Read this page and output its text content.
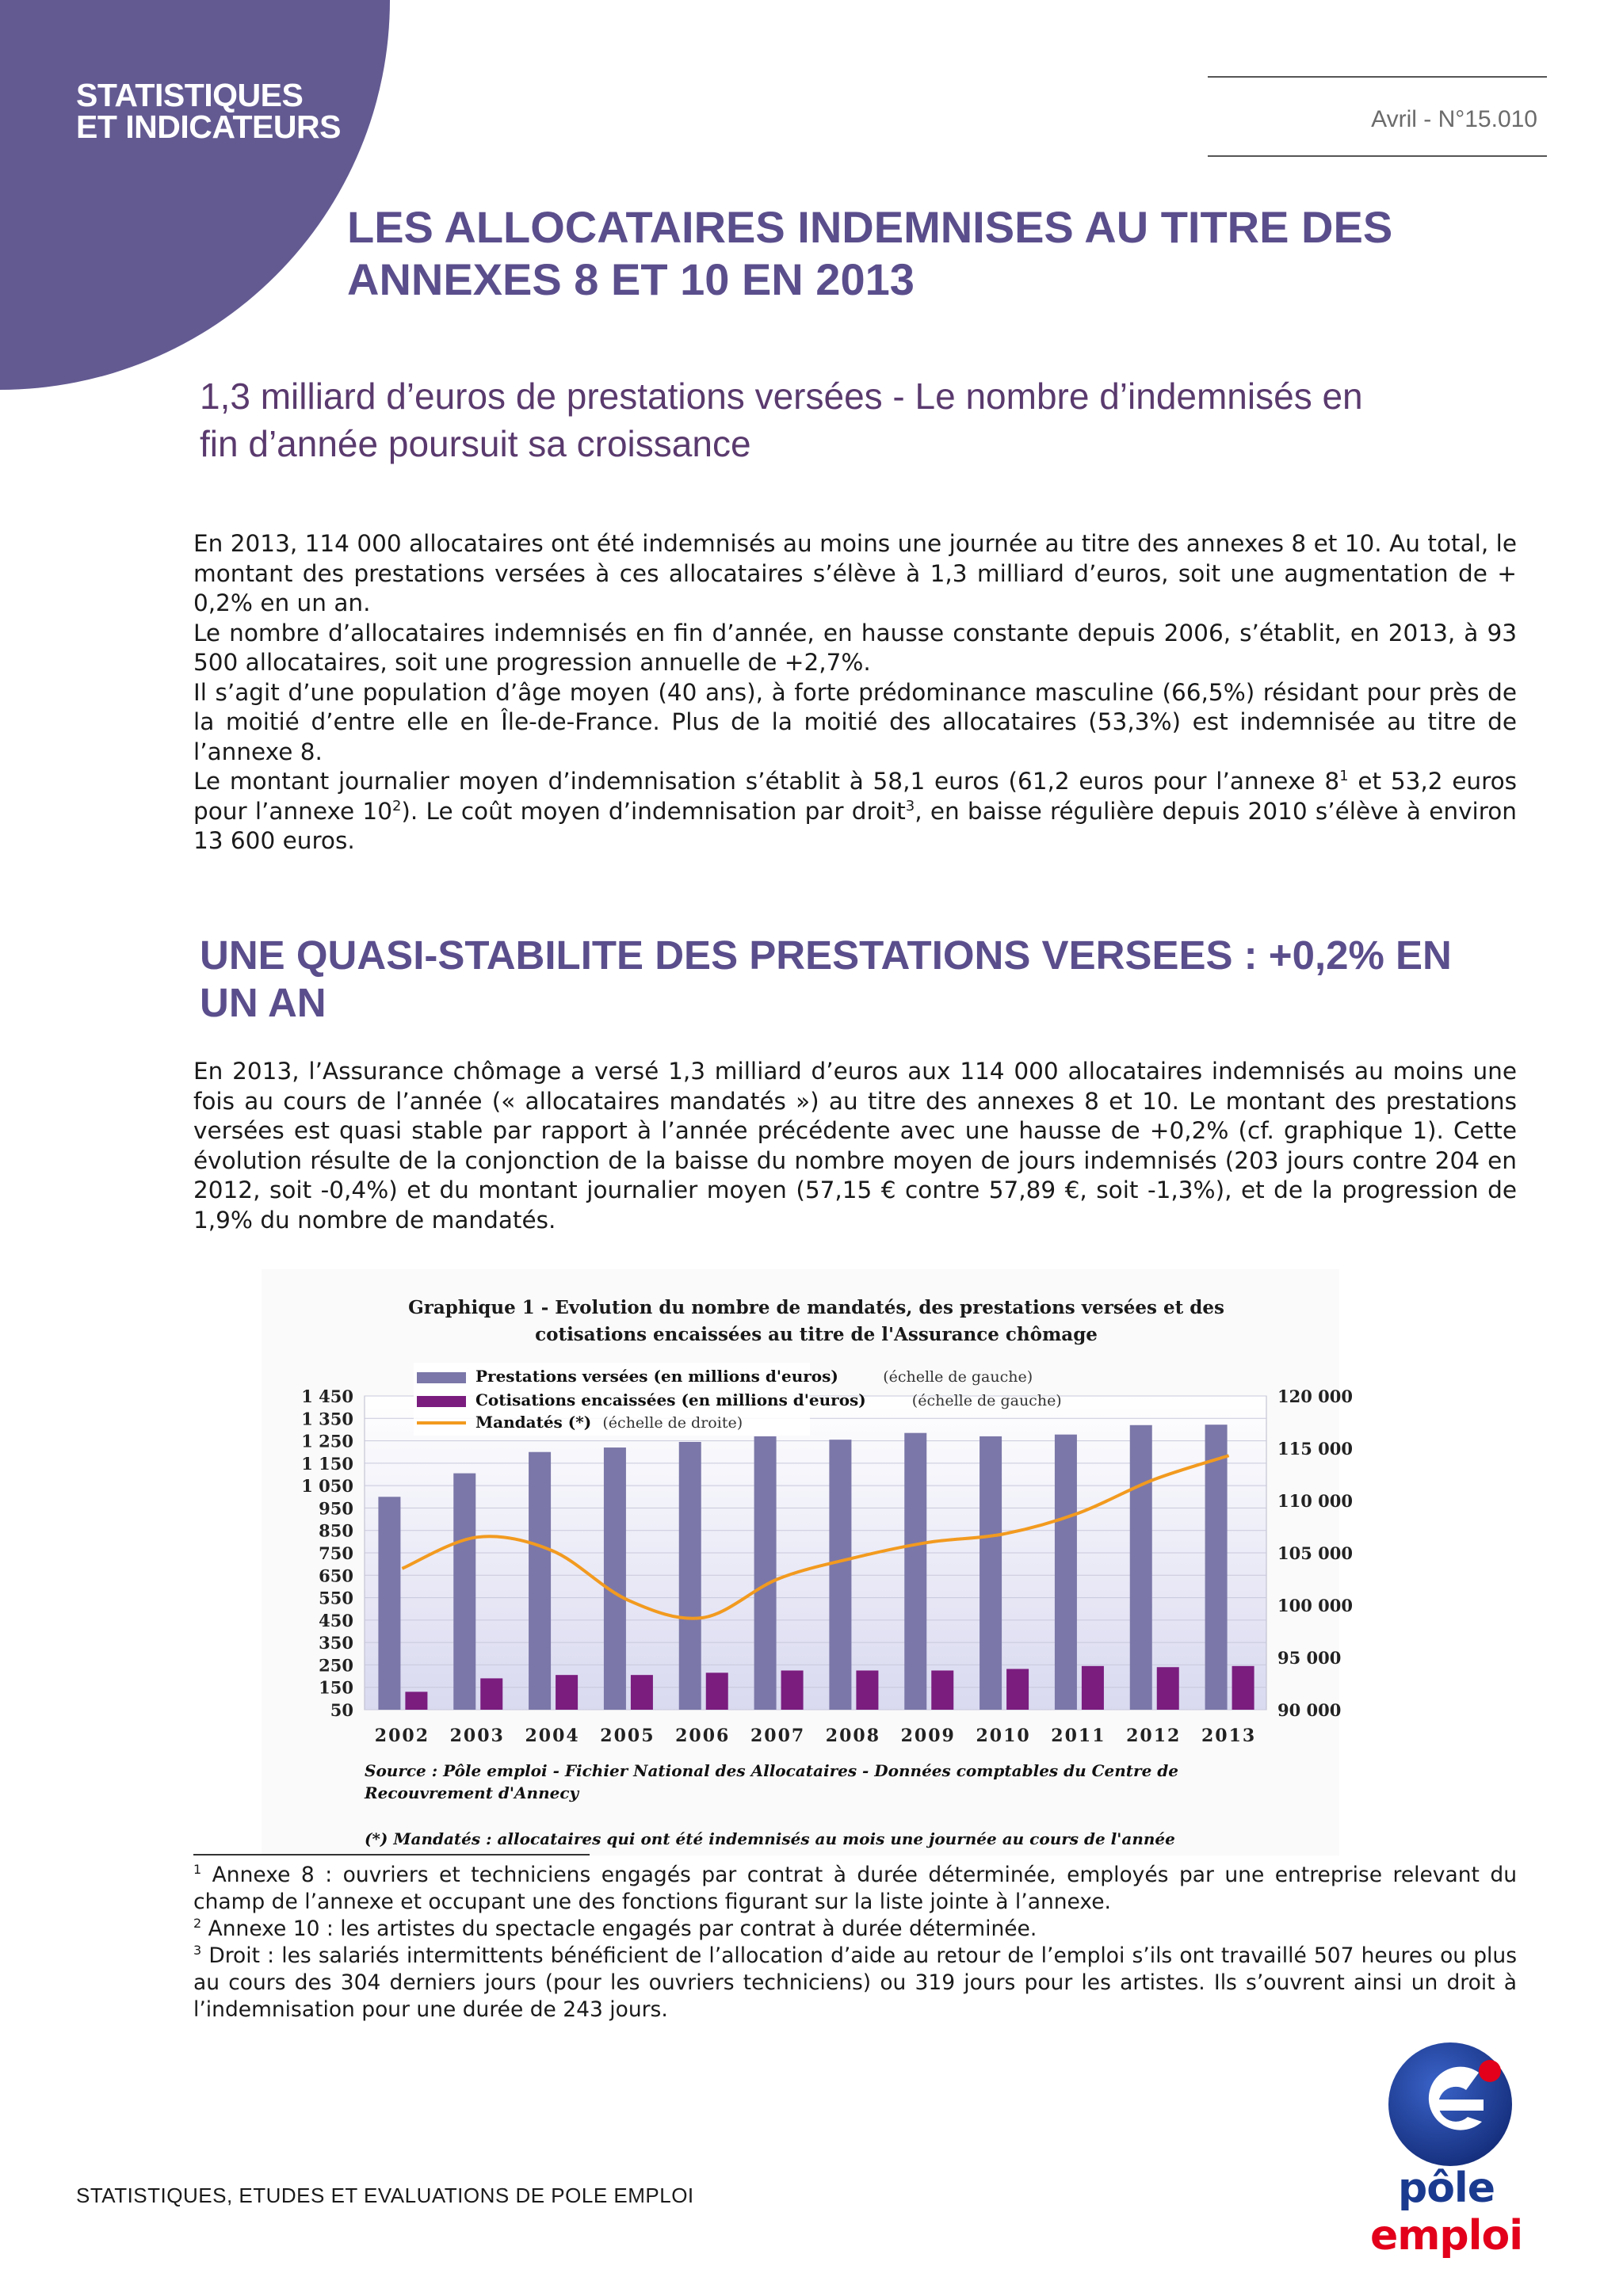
STATISTIQUES
ET INDICATEURS	Avril - N°15.010
LES ALLOCATAIRES INDEMNISES AU TITRE DES
ANNEXES 8 ET 10 EN 2013
1,3 milliard d’euros de prestations versées - Le nombre d’indemnisés en
fin d’année poursuit sa croissance

En 2013, 114 000 allocataires ont été indemnisés au moins une journée au titre des annexes 8 et 10. Au total, le montant des prestations versées à ces allocataires s’élève à 1,3 milliard d’euros, soit une augmentation de + 0,2% en un an.

Le nombre d’allocataires indemnisés en fin d’année, en hausse constante depuis 2006, s’établit, en 2013, à 93 500 allocataires, soit une progression annuelle de +2,7%.

Il s’agit d’une population d’âge moyen (40 ans), à forte prédominance masculine (66,5%) résidant pour près de la moitié d’entre elle en Île-de-France. Plus de la moitié des allocataires (53,3%) est indemnisée au titre de l’annexe 8.

Le montant journalier moyen d’indemnisation s’établit à 58,1 euros (61,2 euros pour l’annexe $8^1$ et 53,2 euros pour l’annexe $10^2$). Le coût moyen d’indemnisation par droit$^3$, en baisse régulière depuis 2010 s’élève à environ 13 600 euros.

UNE QUASI-STABILITE DES PRESTATIONS VERSEES : +0,2% EN
UN AN

En 2013, l’Assurance chômage a versé 1,3 milliard d’euros aux 114 000 allocataires indemnisés au moins une fois au cours de l’année (« allocataires mandatés ») au titre des annexes 8 et 10. Le montant des prestations versées est quasi stable par rapport à l’année précédente avec une hausse de +0,2% (cf. graphique 1). Cette évolution résulte de la conjonction de la baisse du nombre moyen de jours indemnisés (203 jours contre 204 en 2012, soit -0,4%) et du montant journalier moyen (57,15 € contre 57,89 €, soit -1,3%), et de la progression de 1,9% du nombre de mandatés.

Graphique 1 - Evolution du nombre de mandatés, des prestations versées et des
cotisations encaissées au titre de l'Assurance chômage
1 450
1 350
1 250
1 150
1 050
950
850
750
650
550
450
350
250
150
50
120 000
115 000
110 000
105 000
100 000
95 000
90 000
2002 2003 2004 2005 2006 2007 2008 2009 2010 2011 2012 2013
Prestations versées (en millions d'euros)	(échelle de gauche)
Cotisations encaissées (en millions d'euros)	(échelle de gauche)
Mandatés (*) (échelle de droite)
Source : Pôle emploi - Fichier National des Allocataires - Données comptables du Centre de
Recouvrement d'Annecy
(*) Mandatés : allocataires qui ont été indemnisés au mois une journée au cours de l'année

$^1$ Annexe 8 : ouvriers et techniciens engagés par contrat à durée déterminée, employés par une entreprise relevant du champ de l’annexe et occupant une des fonctions figurant sur la liste jointe à l’annexe.

$^2$ Annexe 10 : les artistes du spectacle engagés par contrat à durée déterminée.

$^3$ Droit : les salariés intermittents bénéficient de l’allocation d’aide au retour de l’emploi s’ils ont travaillé 507 heures ou plus au cours des 304 derniers jours (pour les ouvriers techniciens) ou 319 jours pour les artistes. Ils s’ouvrent ainsi un droit à l’indemnisation pour une durée de 243 jours.

STATISTIQUES, ETUDES ET EVALUATIONS DE POLE EMPLOI	pôle emploi
